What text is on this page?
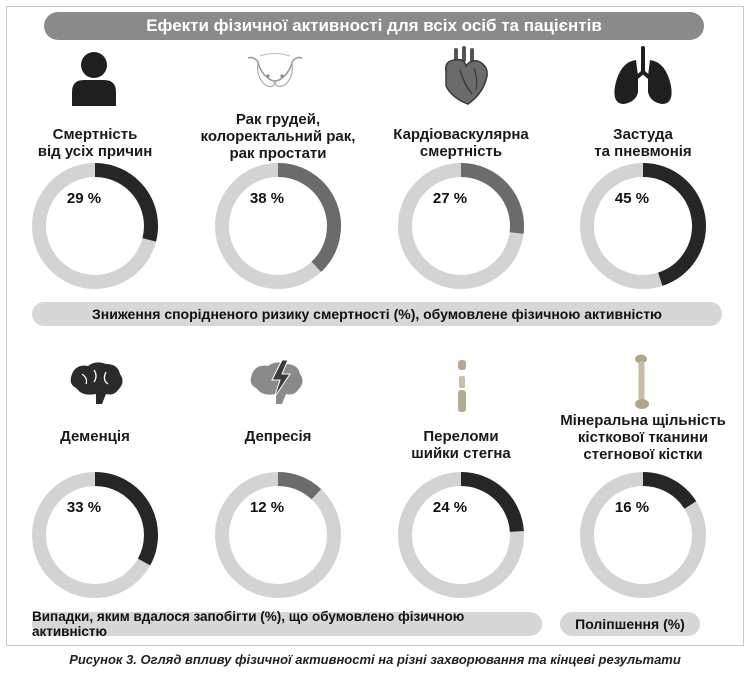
Ефекти фізичної активності для всіх осіб та пацієнтів
Смертність
від усіх причин
Рак грудей,
колоректальний рак,
рак простати
Кардіоваскулярна
смертність
Застуда
та пневмонія
Деменція	Депресія	Переломи
шийки стегна
Мінеральна щільність
кісткової тканини
стегнової кістки
29 %	38 %	27 %	45 %
33 %	12 %	24 %	16 %
Зниження спорідненого ризику смертності (%), обумовлене фізичною активністю
Випадки, яким вдалося запобігти (%), що обумовлено фізичною активністю	Поліпшення (%)
Рисунок 3. Огляд впливу фізичної активності на різні захворювання та кінцеві результати
